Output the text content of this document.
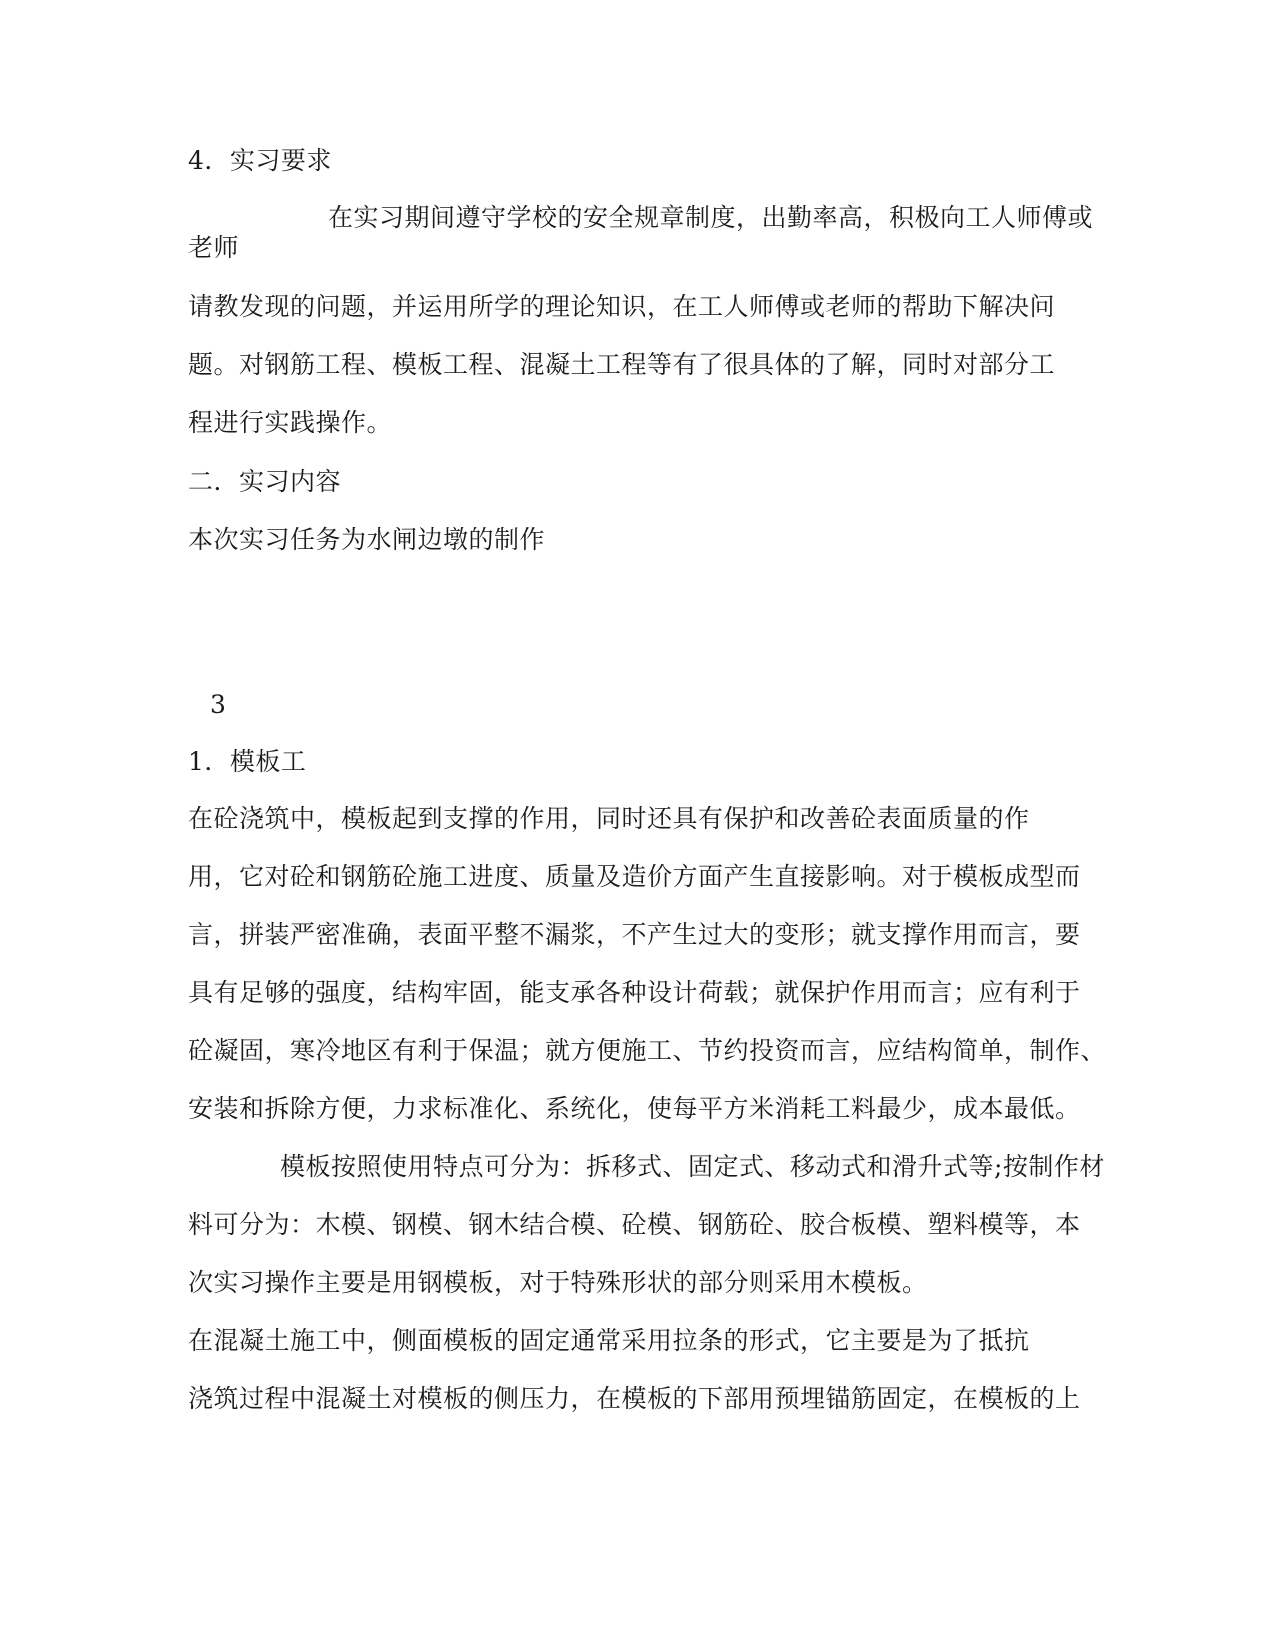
4．实习要求
在实习期间遵守学校的安全规章制度，出勤率高，积极向工人师傅或
老师
请教发现的问题，并运用所学的理论知识，在工人师傅或老师的帮助下解决问
题。对钢筋工程、模板工程、混凝土工程等有了很具体的了解，同时对部分工
程进行实践操作。
二．实习内容
本次实习任务为水闸边墩的制作
3
1．模板工
在砼浇筑中，模板起到支撑的作用，同时还具有保护和改善砼表面质量的作
用，它对砼和钢筋砼施工进度、质量及造价方面产生直接影响。对于模板成型而
言，拼装严密准确，表面平整不漏浆，不产生过大的变形；就支撑作用而言，要
具有足够的强度，结构牢固，能支承各种设计荷载；就保护作用而言；应有利于
砼凝固，寒冷地区有利于保温；就方便施工、节约投资而言，应结构简单，制作、
安装和拆除方便，力求标准化、系统化，使每平方米消耗工料最少，成本最低。
模板按照使用特点可分为：拆移式、固定式、移动式和滑升式等;按制作材
料可分为：木模、钢模、钢木结合模、砼模、钢筋砼、胶合板模、塑料模等，本
次实习操作主要是用钢模板，对于特殊形状的部分则采用木模板。
在混凝土施工中，侧面模板的固定通常采用拉条的形式，它主要是为了抵抗
浇筑过程中混凝土对模板的侧压力，在模板的下部用预埋锚筋固定，在模板的上
